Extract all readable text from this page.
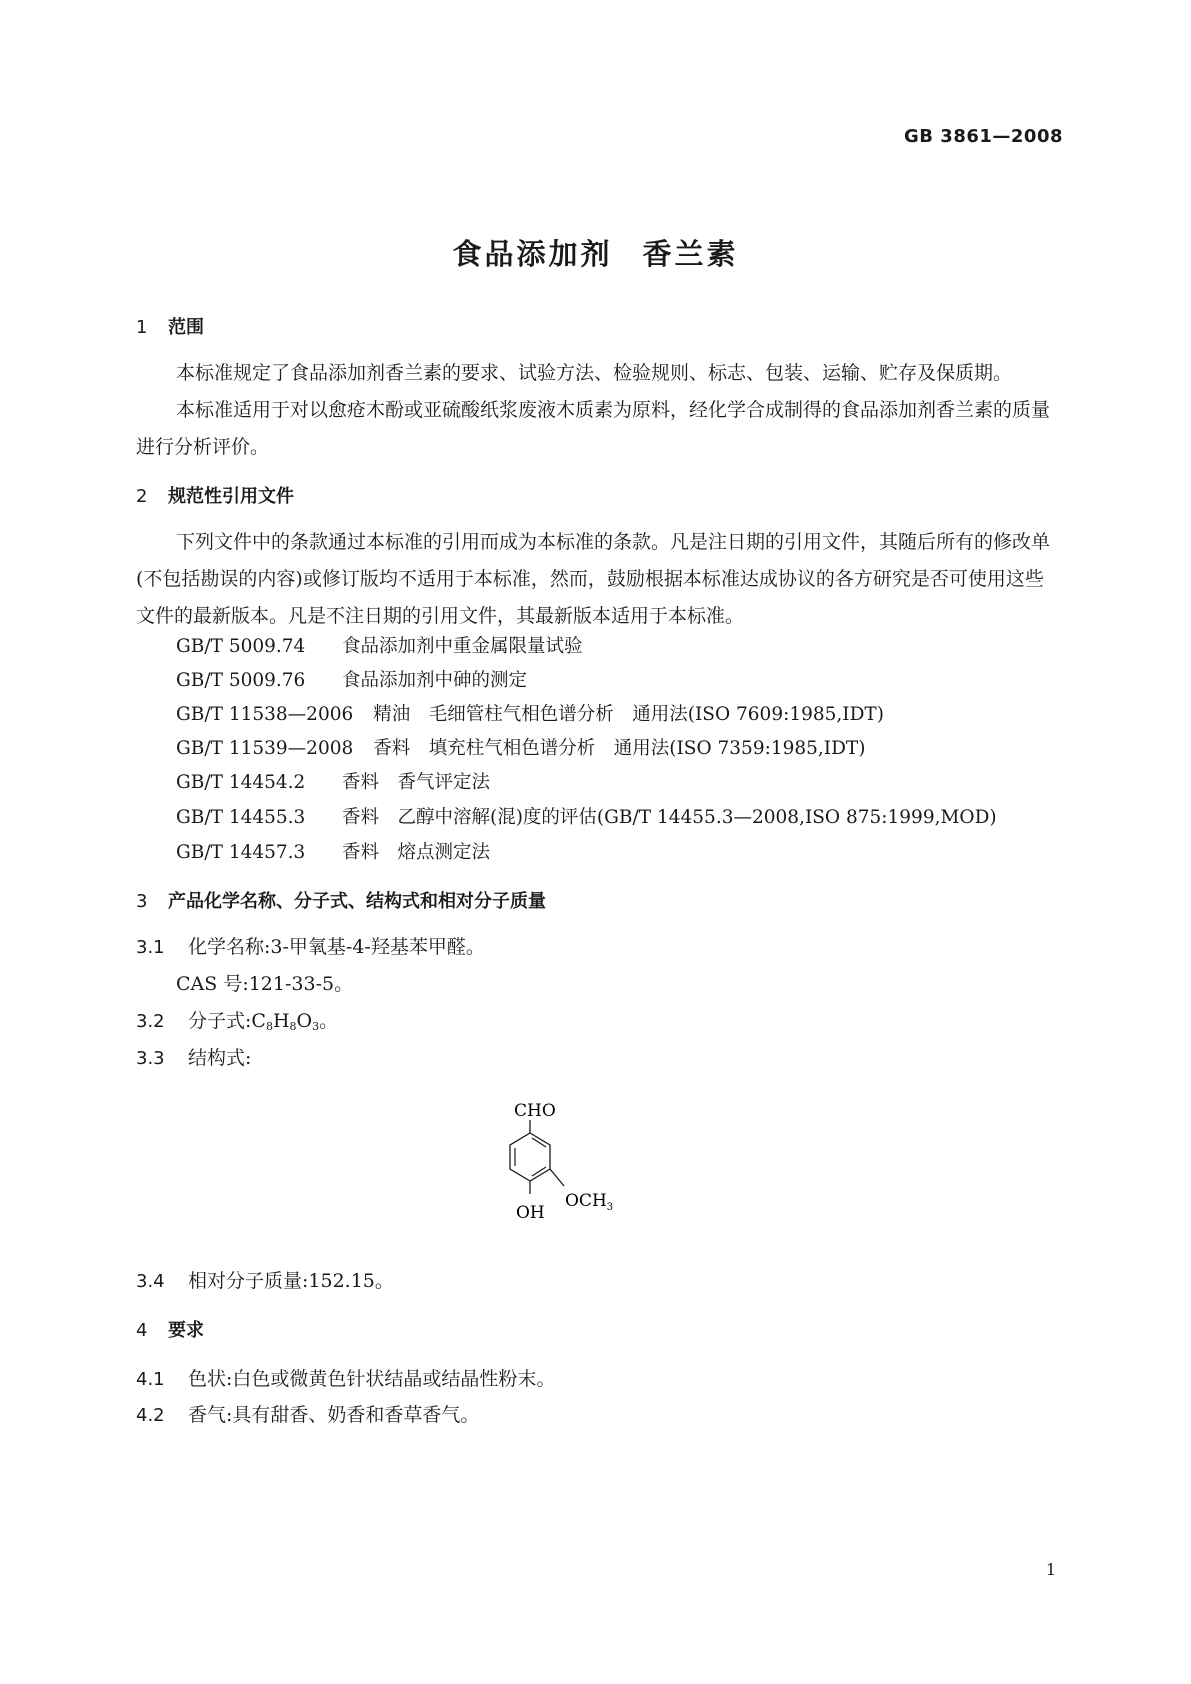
GB 3861—2008
食品添加剂 香兰素
1 范围
本标准规定了食品添加剂香兰素的要求、试验方法、检验规则、标志、包装、运输、贮存及保质期。
本标准适用于对以愈疮木酚或亚硫酸纸浆废液木质素为原料，经化学合成制得的食品添加剂香兰素的质量进行分析评价。
2 规范性引用文件
下列文件中的条款通过本标准的引用而成为本标准的条款。凡是注日期的引用文件，其随后所有的修改单(不包括勘误的内容)或修订版均不适用于本标准，然而，鼓励根据本标准达成协议的各方研究是否可使用这些文件的最新版本。凡是不注日期的引用文件，其最新版本适用于本标准。
GB/T 5009.74 食品添加剂中重金属限量试验
GB/T 5009.76 食品添加剂中砷的测定
GB/T 11538—2006 精油　毛细管柱气相色谱分析　通用法(ISO 7609:1985,IDT)
GB/T 11539—2008 香料　填充柱气相色谱分析　通用法(ISO 7359:1985,IDT)
GB/T 14454.2 香料　香气评定法
GB/T 14455.3 香料　乙醇中溶解(混)度的评估(GB/T 14455.3—2008,ISO 875:1999,MOD)
GB/T 14457.3 香料　熔点测定法
3 产品化学名称、分子式、结构式和相对分子质量
3.1 化学名称:3-甲氧基-4-羟基苯甲醛。
CAS 号:121-33-5。
3.2 分子式$:C_8H_8O_3$。
3.3 结构式:
CHO
$OCH_3$
OH
3.4 相对分子质量:152.15。
4 要求
4.1 色状:白色或微黄色针状结晶或结晶性粉末。
4.2 香气:具有甜香、奶香和香草香气。
1
